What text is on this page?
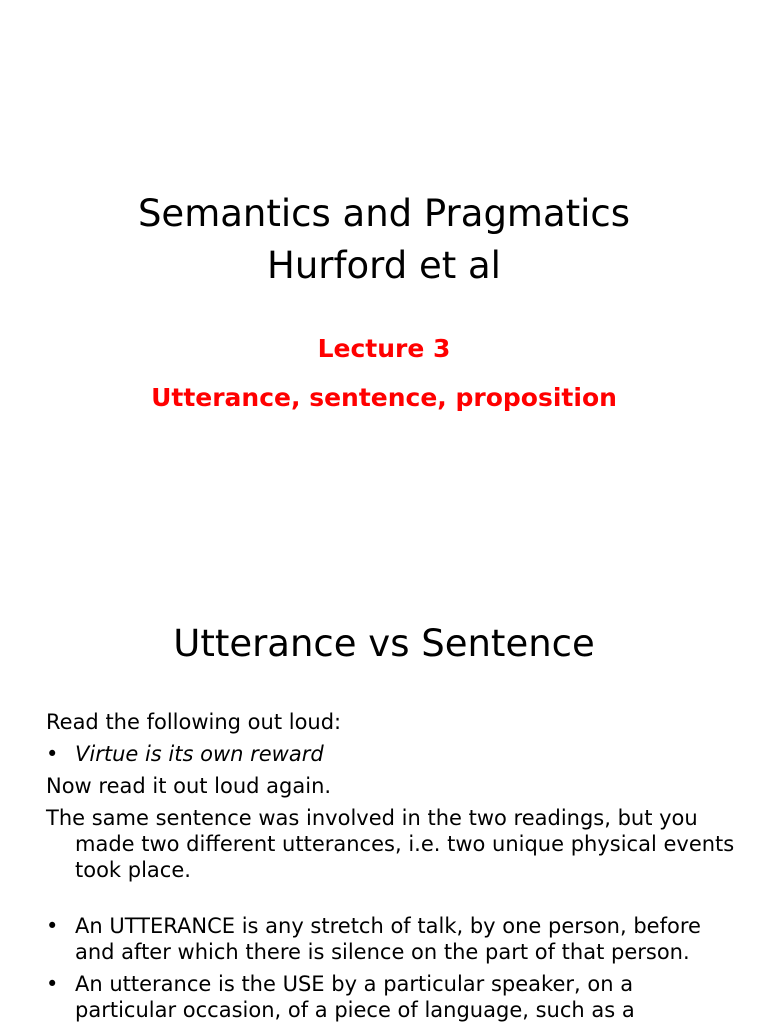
Semantics and Pragmatics
Hurford et al
Lecture 3
Utterance, sentence, proposition
Utterance vs Sentence
Read the following out loud:
• Virtue is its own reward
Now read it out loud again.
The same sentence was involved in the two readings, but you made two different utterances, i.e. two unique physical events took place.
• An UTTERANCE is any stretch of talk, by one person, before and after which there is silence on the part of that person.
• An utterance is the USE by a particular speaker, on a particular occasion, of a piece of language, such as a
